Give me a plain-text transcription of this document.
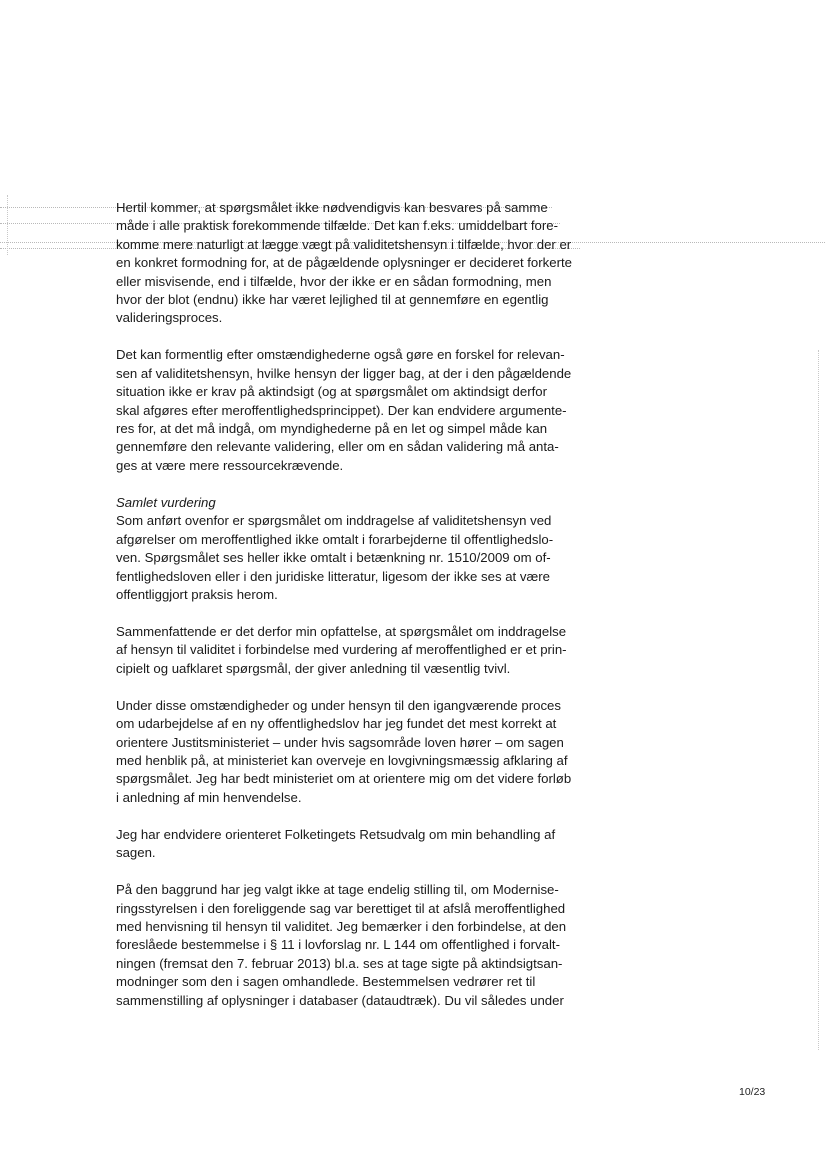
Hertil kommer, at spørgsmålet ikke nødvendigvis kan besvares på samme
måde i alle praktisk forekommende tilfælde. Det kan f.eks. umiddelbart fore-
komme mere naturligt at lægge vægt på validitetshensyn i tilfælde, hvor der er
en konkret formodning for, at de pågældende oplysninger er decideret forkerte
eller misvisende, end i tilfælde, hvor der ikke er en sådan formodning, men
hvor der blot (endnu) ikke har været lejlighed til at gennemføre en egentlig
valideringsproces.
Det kan formentlig efter omstændighederne også gøre en forskel for relevan-
sen af validitetshensyn, hvilke hensyn der ligger bag, at der i den pågældende
situation ikke er krav på aktindsigt (og at spørgsmålet om aktindsigt derfor
skal afgøres efter meroffentlighedsprincippet). Der kan endvidere argumente-
res for, at det må indgå, om myndighederne på en let og simpel måde kan
gennemføre den relevante validering, eller om en sådan validering må anta-
ges at være mere ressourcekrævende.
Samlet vurdering
Som anført ovenfor er spørgsmålet om inddragelse af validitetshensyn ved
afgørelser om meroffentlighed ikke omtalt i forarbejderne til offentlighedslo-
ven. Spørgsmålet ses heller ikke omtalt i betænkning nr. 1510/2009 om of-
fentlighedsloven eller i den juridiske litteratur, ligesom der ikke ses at være
offentliggjort praksis herom.
Sammenfattende er det derfor min opfattelse, at spørgsmålet om inddragelse
af hensyn til validitet i forbindelse med vurdering af meroffentlighed er et prin-
cipielt og uafklaret spørgsmål, der giver anledning til væsentlig tvivl.
Under disse omstændigheder og under hensyn til den igangværende proces
om udarbejdelse af en ny offentlighedslov har jeg fundet det mest korrekt at
orientere Justitsministeriet – under hvis sagsområde loven hører – om sagen
med henblik på, at ministeriet kan overveje en lovgivningsmæssig afklaring af
spørgsmålet. Jeg har bedt ministeriet om at orientere mig om det videre forløb
i anledning af min henvendelse.
Jeg har endvidere orienteret Folketingets Retsudvalg om min behandling af
sagen.
På den baggrund har jeg valgt ikke at tage endelig stilling til, om Modernise-
ringsstyrelsen i den foreliggende sag var berettiget til at afslå meroffentlighed
med henvisning til hensyn til validitet. Jeg bemærker i den forbindelse, at den
foreslåede bestemmelse i § 11 i lovforslag nr. L 144 om offentlighed i forvalt-
ningen (fremsat den 7. februar 2013) bl.a. ses at tage sigte på aktindsigtsan-
modninger som den i sagen omhandlede. Bestemmelsen vedrører ret til
sammenstilling af oplysninger i databaser (dataudtræk). Du vil således under
10/23
